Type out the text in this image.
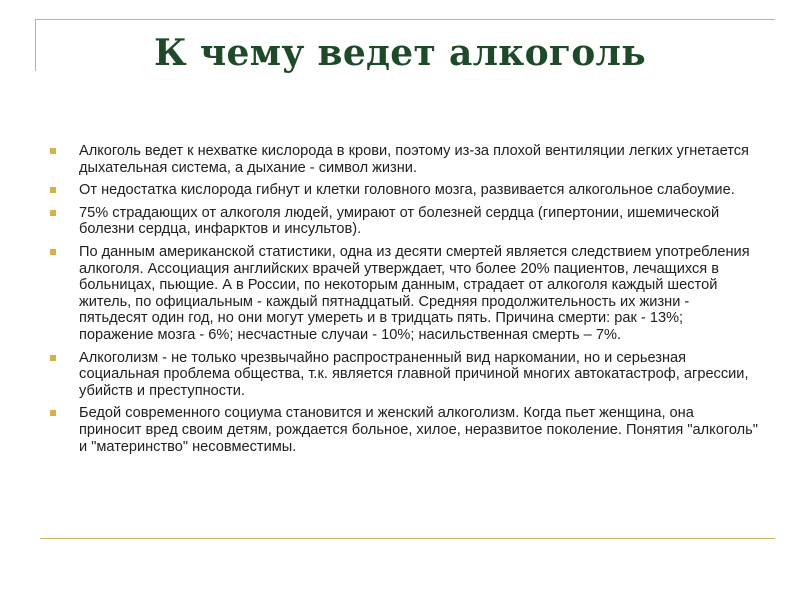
К чему ведет алкоголь
Алкоголь ведет к нехватке кислорода в крови, поэтому из-за плохой вентиляции легких угнетается дыхательная система, а дыхание - символ жизни.
От недостатка кислорода гибнут и клетки головного мозга, развивается алкогольное слабоумие.
75% страдающих от алкоголя людей, умирают от болезней сердца (гипертонии, ишемической болезни сердца, инфарктов и инсультов).
По данным американской статистики, одна из десяти смертей является следствием употребления алкоголя. Ассоциация английских врачей утверждает, что более 20% пациентов, лечащихся в больницах, пьющие. А в России, по некоторым данным, страдает от алкоголя каждый шестой житель, по официальным - каждый пятнадцатый. Средняя продолжительность их жизни - пятьдесят один год, но они могут умереть и в тридцать пять. Причина смерти: рак - 13%; поражение мозга - 6%; несчастные случаи - 10%; насильственная смерть – 7%.
Алкоголизм - не только чрезвычайно распространенный вид наркомании, но и серьезная социальная проблема общества, т.к. является главной причиной многих автокатастроф, агрессии, убийств и преступности.
Бедой современного социума становится и женский алкоголизм. Когда пьет женщина, она приносит вред своим детям, рождается больное, хилое, неразвитое поколение. Понятия "алкоголь" и "материнство" несовместимы.
